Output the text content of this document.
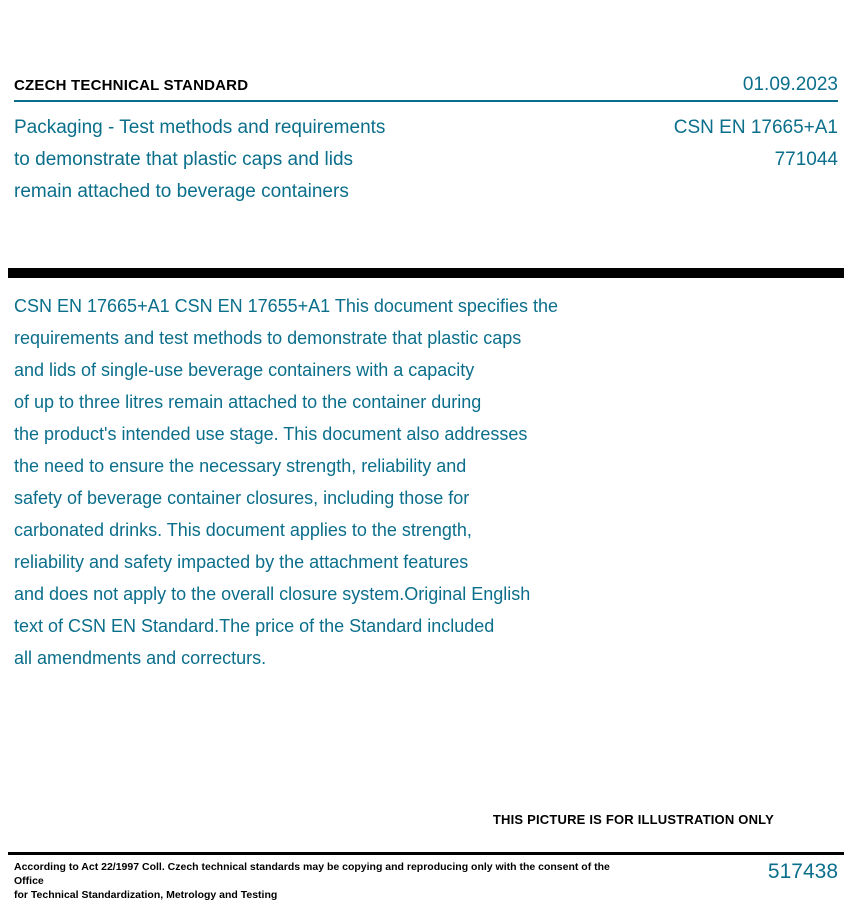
CZECH TECHNICAL STANDARD	01.09.2023
Packaging - Test methods and requirements
to demonstrate that plastic caps and lids
remain attached to beverage containers
CSN EN 17665+A1
771044
CSN EN 17665+A1 CSN EN 17655+A1 This document specifies the
requirements and test methods to demonstrate that plastic caps
and lids of single-use beverage containers with a capacity
of up to three litres remain attached to the container during
the product's intended use stage. This document also addresses
the need to ensure the necessary strength, reliability and
safety of beverage container closures, including those for
carbonated drinks. This document applies to the strength,
reliability and safety impacted by the attachment features
and does not apply to the overall closure system.Original English
text of CSN EN Standard.The price of the Standard included
all amendments and correcturs.

THIS PICTURE IS FOR ILLUSTRATION ONLY
According to Act 22/1997 Coll. Czech technical standards may be copying and reproducing only with the consent of the Office
for Technical Standardization, Metrology and Testing
517438
